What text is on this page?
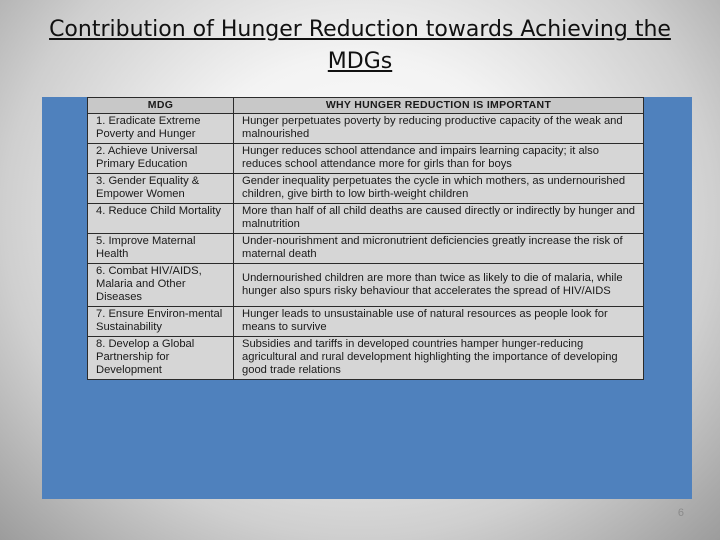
Contribution of Hunger Reduction towards Achieving the MDGs
MDG	WHY HUNGER REDUCTION IS IMPORTANT
1. Eradicate Extreme Poverty and Hunger	Hunger perpetuates poverty by reducing productive capacity of the weak and malnourished
2. Achieve Universal Primary Education	Hunger reduces school attendance and impairs learning capacity; it also reduces school attendance more for girls than for boys
3. Gender Equality & Empower Women	Gender inequality perpetuates the cycle in which mothers, as undernourished children, give birth to low birth-weight children
4. Reduce Child Mortality	More than half of all child deaths are caused directly or indirectly by hunger and malnutrition
5. Improve Maternal Health	Under-nourishment and micronutrient deficiencies greatly increase the risk of maternal death
6. Combat HIV/AIDS, Malaria and Other Diseases	Undernourished children are more than twice as likely to die of malaria, while hunger also spurs risky behaviour that accelerates the spread of HIV/AIDS
7. Ensure Environ-mental Sustainability	Hunger leads to unsustainable use of natural resources as people look for means to survive
8. Develop a Global Partnership for Development	Subsidies and tariffs in developed countries hamper hunger-reducing agricultural and rural development highlighting the importance of developing good trade relations
6
